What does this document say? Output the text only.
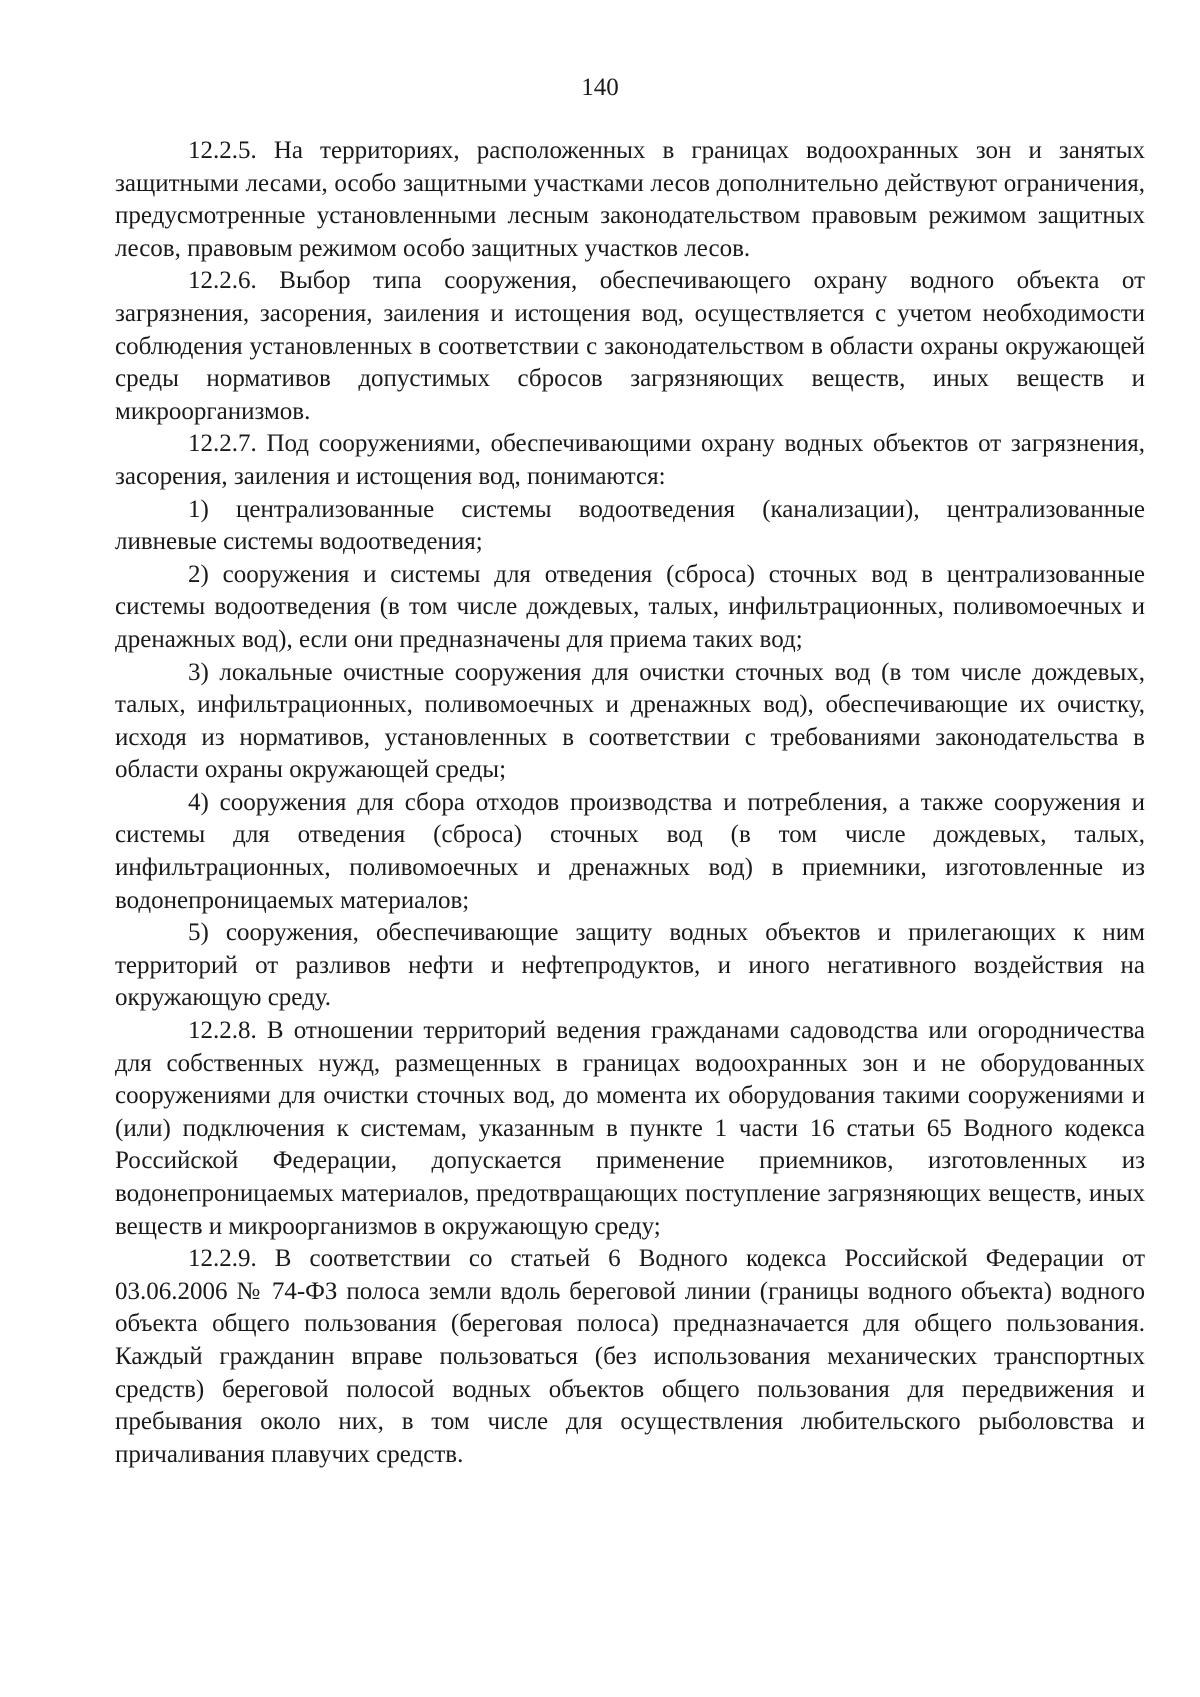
140

12.2.5. На территориях, расположенных в границах водоохранных зон и занятых защитными лесами, особо защитными участками лесов дополнительно действуют ограничения, предусмотренные установленными лесным законодательством правовым режимом защитных лесов, правовым режимом особо защитных участков лесов.

12.2.6. Выбор типа сооружения, обеспечивающего охрану водного объекта от загрязнения, засорения, заиления и истощения вод, осуществляется с учетом необходимости соблюдения установленных в соответствии с законодательством в области охраны окружающей среды нормативов допустимых сбросов загрязняющих веществ, иных веществ и микроорганизмов.

12.2.7. Под сооружениями, обеспечивающими охрану водных объектов от загрязнения, засорения, заиления и истощения вод, понимаются:

1) централизованные системы водоотведения (канализации), централизованные ливневые системы водоотведения;

2) сооружения и системы для отведения (сброса) сточных вод в централизованные системы водоотведения (в том числе дождевых, талых, инфильтрационных, поливомоечных и дренажных вод), если они предназначены для приема таких вод;

3) локальные очистные сооружения для очистки сточных вод (в том числе дождевых, талых, инфильтрационных, поливомоечных и дренажных вод), обеспечивающие их очистку, исходя из нормативов, установленных в соответствии с требованиями законодательства в области охраны окружающей среды;

4) сооружения для сбора отходов производства и потребления, а также сооружения и системы для отведения (сброса) сточных вод (в том числе дождевых, талых, инфильтрационных, поливомоечных и дренажных вод) в приемники, изготовленные из водонепроницаемых материалов;

5) сооружения, обеспечивающие защиту водных объектов и прилегающих к ним территорий от разливов нефти и нефтепродуктов, и иного негативного воздействия на окружающую среду.

12.2.8. В отношении территорий ведения гражданами садоводства или огородничества для собственных нужд, размещенных в границах водоохранных зон и не оборудованных сооружениями для очистки сточных вод, до момента их оборудования такими сооружениями и (или) подключения к системам, указанным в пункте 1 части 16 статьи 65 Водного кодекса Российской Федерации, допускается применение приемников, изготовленных из водонепроницаемых материалов, предотвращающих поступление загрязняющих веществ, иных веществ и микроорганизмов в окружающую среду;

12.2.9. В соответствии со статьей 6 Водного кодекса Российской Федерации от 03.06.2006 № 74-ФЗ полоса земли вдоль береговой линии (границы водного объекта) водного объекта общего пользования (береговая полоса) предназначается для общего пользования. Каждый гражданин вправе пользоваться (без использования механических транспортных средств) береговой полосой водных объектов общего пользования для передвижения и пребывания около них, в том числе для осуществления любительского рыболовства и причаливания плавучих средств.
